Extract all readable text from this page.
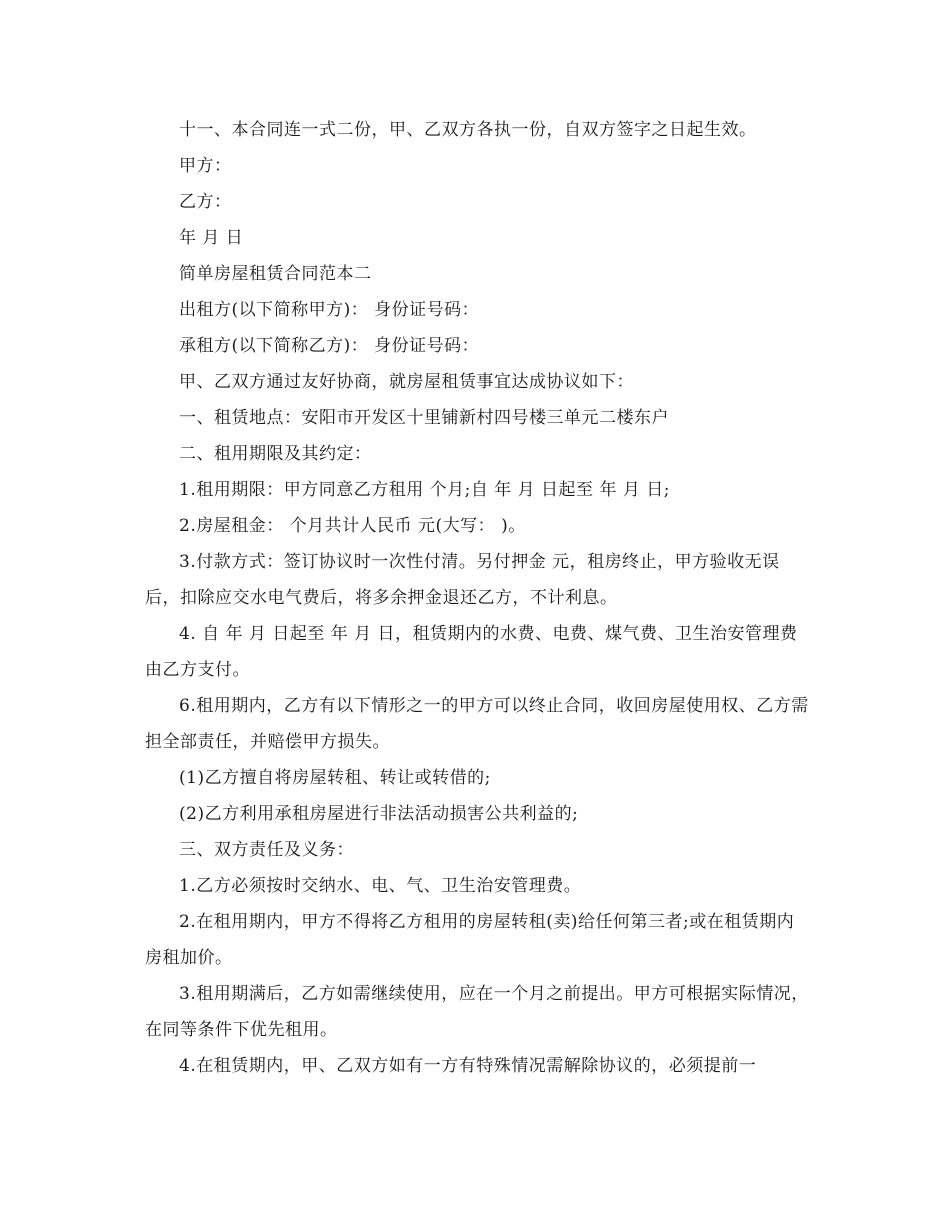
十一、本合同连一式二份，甲、乙双方各执一份，自双方签字之日起生效。

甲方：

乙方：

年 月 日

简单房屋租赁合同范本二

出租方(以下简称甲方)： 身份证号码：

承租方(以下简称乙方)： 身份证号码：

甲、乙双方通过友好协商，就房屋租赁事宜达成协议如下：

一、租赁地点：安阳市开发区十里铺新村四号楼三单元二楼东户

二、租用期限及其约定：

1.租用期限：甲方同意乙方租用 个月;自 年 月 日起至 年 月 日;

2.房屋租金： 个月共计人民币 元(大写： )。

3.付款方式：签订协议时一次性付清。另付押金 元，租房终止，甲方验收无误后，扣除应交水电气费后，将多余押金退还乙方，不计利息。

4. 自 年 月 日起至 年 月 日，租赁期内的水费、电费、煤气费、卫生治安管理费由乙方支付。

6.租用期内，乙方有以下情形之一的甲方可以终止合同，收回房屋使用权、乙方需担全部责任，并赔偿甲方损失。

(1)乙方擅自将房屋转租、转让或转借的;

(2)乙方利用承租房屋进行非法活动损害公共利益的;

三、双方责任及义务：

1.乙方必须按时交纳水、电、气、卫生治安管理费。

2.在租用期内，甲方不得将乙方租用的房屋转租(卖)给任何第三者;或在租赁期内房租加价。

3.租用期满后，乙方如需继续使用，应在一个月之前提出。甲方可根据实际情况，在同等条件下优先租用。

4.在租赁期内，甲、乙双方如有一方有特殊情况需解除协议的，必须提前一
